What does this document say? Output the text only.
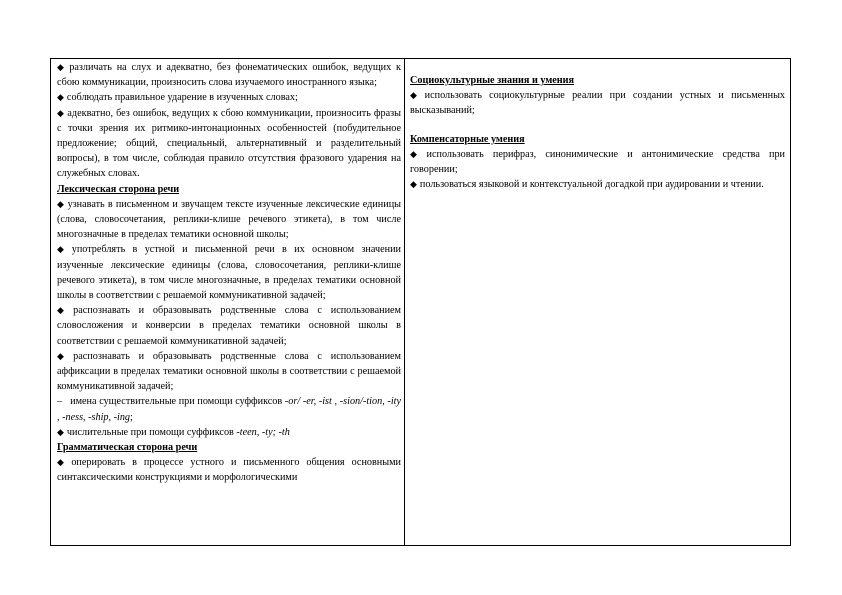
◆ различать на слух и адекватно, без фонематических ошибок, ведущих к сбою коммуникации, произносить слова изучаемого иностранного языка;

◆ соблюдать правильное ударение в изученных словах;

◆ адекватно, без ошибок, ведущих к сбою коммуникации, произносить фразы с точки зрения их ритмико-интонационных особенностей (побудительное предложение; общий, специальный, альтернативный и разделительный вопросы), в том числе, соблюдая правило отсутствия фразового ударения на служебных словах.

Лексическая сторона речи

◆ узнавать в письменном и звучащем тексте изученные лексические единицы (слова, словосочетания, реплики-клише речевого этикета), в том числе многозначные в пределах тематики основной школы;

◆ употреблять в устной и письменной речи в их основном значении изученные лексические единицы (слова, словосочетания, реплики-клише речевого этикета), в том числе многозначные, в пределах тематики основной школы в соответствии с решаемой коммуникативной задачей;

◆ распознавать и образовывать родственные слова с использованием словосложения и конверсии в пределах тематики основной школы в соответствии с решаемой коммуникативной задачей;

◆ распознавать и образовывать родственные слова с использованием аффиксации в пределах тематики основной школы в соответствии с решаемой коммуникативной задачей;

– имена существительные при помощи суффиксов -or/ -er, -ist , -sion/-tion, -ity , -ness, -ship, -ing;

◆ числительные при помощи суффиксов -teen, -ty; -th

Грамматическая сторона речи

◆ оперировать в процессе устного и письменного общения основными синтаксическими конструкциями и морфологическими

Социокультурные знания и умения

◆ использовать социокультурные реалии при создании устных и письменных высказываний;

Компенсаторные умения

◆ использовать перифраз, синонимические и антонимические средства при говорении;

◆ пользоваться языковой и контекстуальной догадкой при аудировании и чтении.
